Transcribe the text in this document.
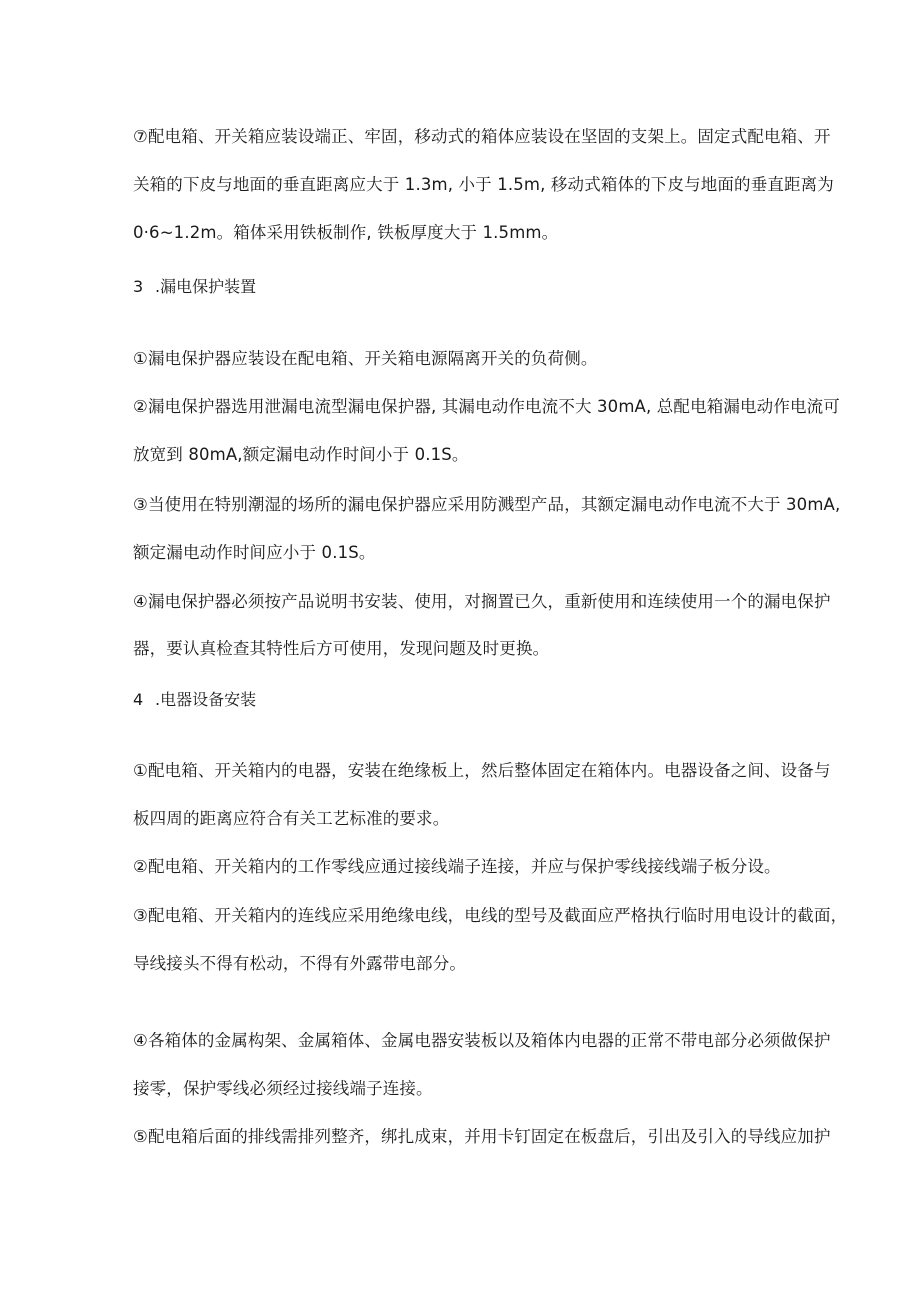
⑦配电箱、开关箱应装设端正、牢固，移动式的箱体应装设在坚固的支架上。固定式配电箱、开
关箱的下皮与地面的垂直距离应大于 1.3m, 小于 1.5m, 移动式箱体的下皮与地面的垂直距离为
0·6~1.2m。箱体采用铁板制作, 铁板厚度大于 1.5mm。
3 .漏电保护装置
①漏电保护器应装设在配电箱、开关箱电源隔离开关的负荷侧。
②漏电保护器选用泄漏电流型漏电保护器, 其漏电动作电流不大 30mA, 总配电箱漏电动作电流可
放宽到 80mA,额定漏电动作时间小于 0.1S。
③当使用在特别潮湿的场所的漏电保护器应采用防溅型产品，其额定漏电动作电流不大于 30mA,
额定漏电动作时间应小于 0.1S。
④漏电保护器必须按产品说明书安装、使用，对搁置已久，重新使用和连续使用一个的漏电保护
器，要认真检查其特性后方可使用，发现问题及时更换。
4 .电器设备安装
①配电箱、开关箱内的电器，安装在绝缘板上，然后整体固定在箱体内。电器设备之间、设备与
板四周的距离应符合有关工艺标准的要求。
②配电箱、开关箱内的工作零线应通过接线端子连接，并应与保护零线接线端子板分设。
③配电箱、开关箱内的连线应采用绝缘电线，电线的型号及截面应严格执行临时用电设计的截面，
导线接头不得有松动，不得有外露带电部分。
④各箱体的金属构架、金属箱体、金属电器安装板以及箱体内电器的正常不带电部分必须做保护
接零，保护零线必须经过接线端子连接。
⑤配电箱后面的排线需排列整齐，绑扎成束，并用卡钉固定在板盘后，引出及引入的导线应加护
